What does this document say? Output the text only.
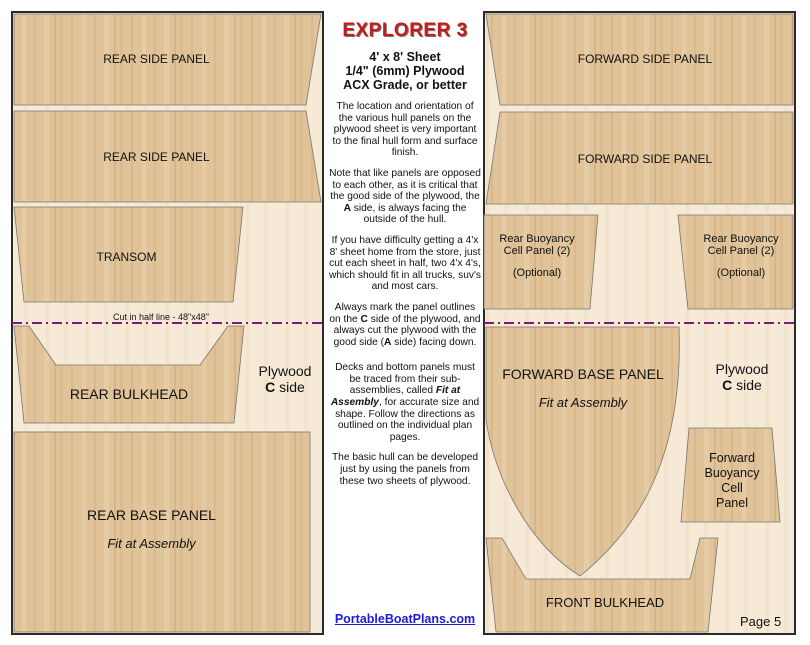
REAR SIDE PANEL
REAR SIDE PANEL
TRANSOM
Cut in half line - 48"x48"
REAR BULKHEAD
Plywood
C side
REAR BASE PANEL
Fit at Assembly
EXPLORER 3
4' x 8' Sheet
1/4" (6mm) Plywood
ACX Grade, or better
The location and orientation of the various hull panels on the plywood sheet is very important to the final hull form and surface finish.
Note that like panels are opposed to each other, as it is critical that the good side of the plywood, the A side, is always facing the outside of the hull.
If you have difficulty getting a 4'x 8' sheet home from the store, just cut each sheet in half, two 4'x 4's, which should fit in all trucks, suv's and most cars.
Always mark the panel outlines on the C side of the plywood, and always cut the plywood with the good side (A side) facing down.
Decks and bottom panels must be traced from their sub-assemblies, called Fit at Assembly, for accurate size and shape. Follow the directions as outlined on the individual plan pages.
The basic hull can be developed just by using the panels from these two sheets of plywood.
PortableBoatPlans.com
FORWARD SIDE PANEL
FORWARD SIDE PANEL
Rear Buoyancy
Cell Panel (2)
(Optional)
Rear Buoyancy
Cell Panel (2)
(Optional)
FORWARD BASE PANEL
Fit at Assembly
Plywood
C side
Forward
Buoyancy
Cell
Panel
FRONT BULKHEAD
Page 5
